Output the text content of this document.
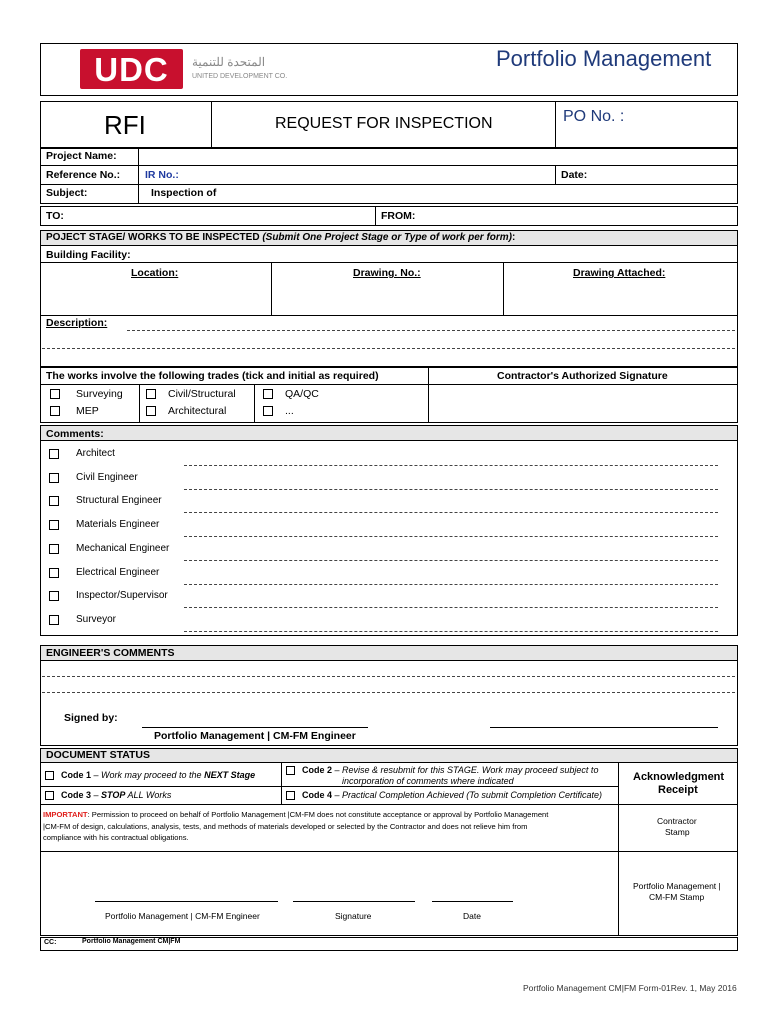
UDC	المتحدة للتنمية
UNITED DEVELOPMENT CO.
Portfolio Management
RFI	REQUEST FOR INSPECTION	PO No. :
Project Name:
Reference No.: IR No.:	Date:
Subject:	Inspection of
TO:	FROM:
POJECT STAGE/ WORKS TO BE INSPECTED (Submit One Project Stage or Type of work per form):
Building Facility:
Location:	Drawing. No.:	Drawing Attached:
Description:
The works involve the following trades (tick and initial as required)	Contractor's Authorized Signature
Surveying	Civil/Structural	QA/QC
MEP	Architectural	...
Comments:
Architect
Civil Engineer
Structural Engineer
Materials Engineer
Mechanical Engineer
Electrical Engineer
Inspector/Supervisor
Surveyor
ENGINEER'S COMMENTS
Signed by:
Portfolio Management | CM-FM Engineer
DOCUMENT STATUS
Code 1 – Work may proceed to the NEXT Stage	Code 2 – Revise & resubmit for this STAGE. Work may proceed subject to
incorporation of comments where indicated
Code 3 – STOP ALL Works	Code 4 – Practical Completion Achieved (To submit Completion Certificate)
Acknowledgment
Receipt
IMPORTANT: Permission to proceed on behalf of Portfolio Management |CM-FM does not constitute acceptance or approval by Portfolio Management
|CM-FM of design, calculations, analysis, tests, and methods of materials developed or selected by the Contractor and does not relieve him from
compliance with his contractual obligations.
Contractor
Stamp
Portfolio Management | CM-FM Engineer	Signature	Date
Portfolio Management |
CM-FM Stamp
CC:	Portfolio Management CM|FM
Portfolio Management CM|FM Form-01Rev. 1, May 2016
